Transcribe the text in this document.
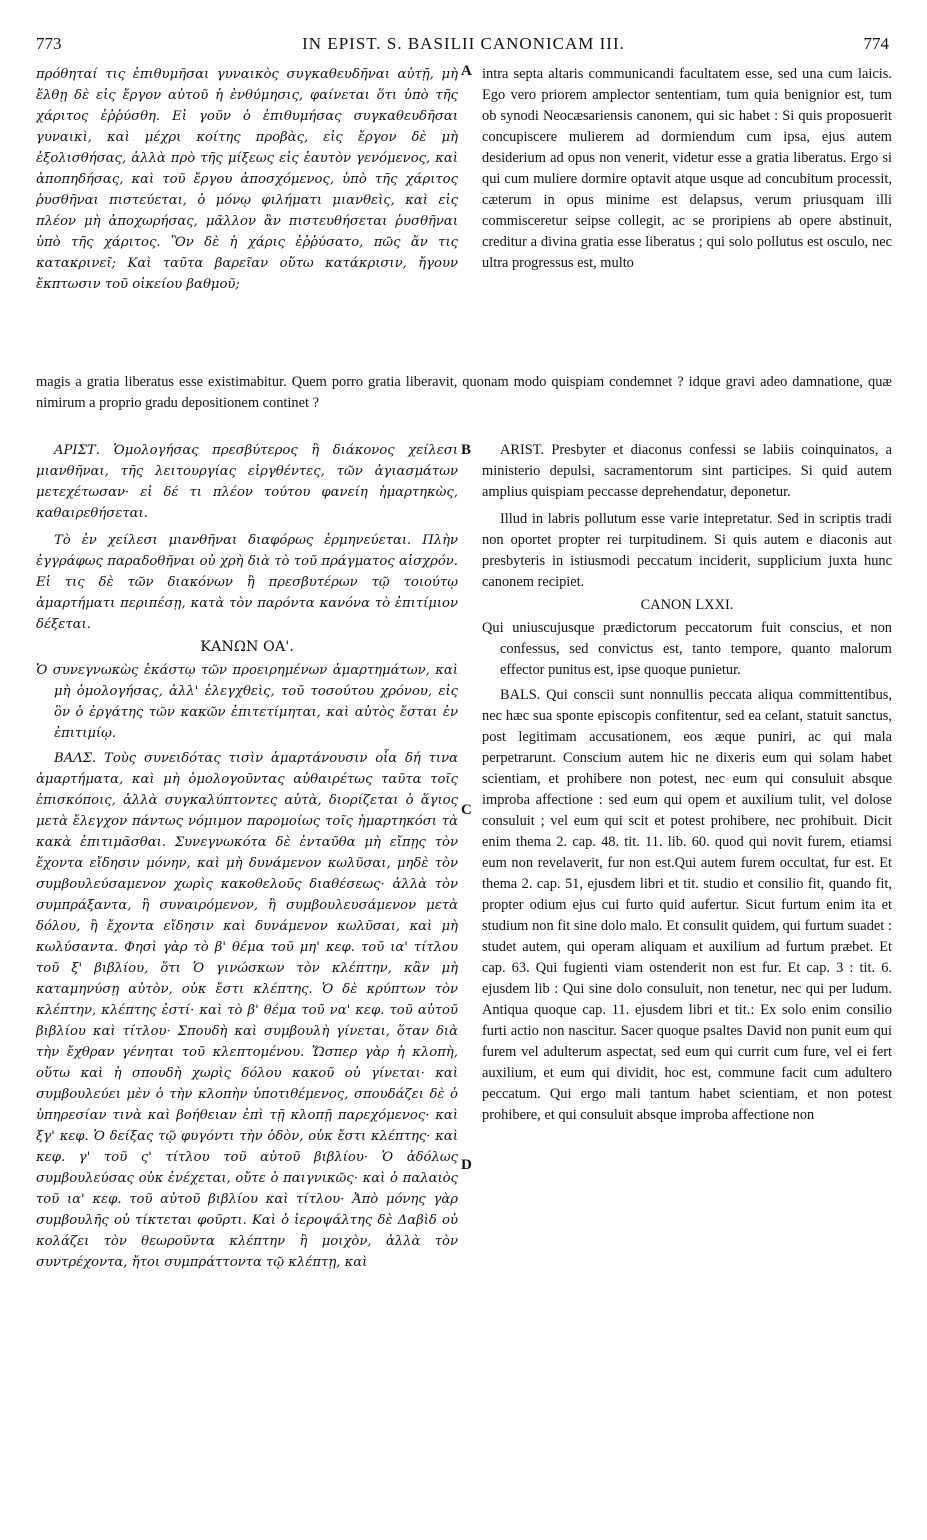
773	IN EPIST. S. BASILII CANONICAM III.	774

πρόθηταί τις ἐπιθυμῆσαι γυναικὸς συγκαθευδῆναι αὐτῇ, μὴ ἔλθῃ δὲ εἰς ἔργον αὐτοῦ ἡ ἐνθύμησις, φαίνεται ὅτι ὑπὸ τῆς χάριτος ἐῤῥύσθη. Εἰ γοῦν ὁ ἐπιθυμήσας συγκαθευδῆσαι γυναικὶ, καὶ μέχρι κοίτης προβὰς, εἰς ἔργον δὲ μὴ ἐξολισθήσας, ἀλλὰ πρὸ τῆς μίξεως εἰς ἑαυτὸν γενόμενος, καὶ ἀποπηδήσας, καὶ τοῦ ἔργου ἀποσχόμενος, ὑπὸ τῆς χάριτος ῥυσθῆναι πιστεύεται, ὁ μόνῳ φιλήματι μιανθεὶς, καὶ εἰς πλέον μὴ ἀποχωρήσας, μᾶλλον ἂν πιστευθήσεται ῥυσθῆναι ὑπὸ τῆς χάριτος. Ὃν δὲ ἡ χάρις ἐῤῥύσατο, πῶς ἄν τις κατακρινεῖ; Καὶ ταῦτα βαρεῖαν οὕτω κατάκρισιν, ἤγουν ἔκπτωσιν τοῦ οἰκείου βαθμοῦ;

A intra septa altaris communicandi facultatem esse, sed una cum laicis. Ego vero priorem amplector sententiam, tum quia benignior est, tum ob synodi Neocæsariensis canonem, qui sic habet : Si quis proposuerit concupiscere mulierem ad dormiendum cum ipsa, ejus autem desiderium ad opus non venerit, videtur esse a gratia liberatus. Ergo si qui cum muliere dormire optavit atque usque ad concubitum processit, cæterum in opus minime est delapsus, verum priusquam illi commisceretur seipse collegit, ac se proripiens ab opere abstinuit, creditur a divina gratia esse liberatus ; qui solo pollutus est osculo, nec ultra progressus est, multo

magis a gratia liberatus esse existimabitur. Quem porro gratia liberavit, quonam modo quispiam condemnet ? idque gravi adeo damnatione, quæ nimirum a proprio gradu depositionem continet ?

ΑΡΙΣΤ. Ὁμολογήσας πρεσβύτερος ἢ διάκονος χείλεσι μιανθῆναι, τῆς λειτουργίας εἰργθέντες, τῶν ἁγιασμάτων μετεχέτωσαν· εἰ δέ τι πλέον τούτου φανείη ἡμαρτηκὼς, καθαιρεθήσεται.

Τὸ ἐν χείλεσι μιανθῆναι διαφόρως ἑρμηνεύεται. Πλὴν ἐγγράφως παραδοθῆναι οὐ χρὴ διὰ τὸ τοῦ πράγματος αἰσχρόν. Εἰ τις δὲ τῶν διακόνων ἢ πρεσβυτέρων τῷ τοιούτῳ ἁμαρτήματι περιπέσῃ, κατὰ τὸν παρόντα κανόνα τὸ ἐπιτίμιον δέξεται.

ΚΑΝΩΝ ΟΑ'.

Ὁ συνεγνωκὼς ἑκάστῳ τῶν προειρημένων ἁμαρτημάτων, καὶ μὴ ὁμολογήσας, ἀλλ' ἐλεγχθεὶς, τοῦ τοσούτου χρόνου, εἰς ὃν ὁ ἐργάτης τῶν κακῶν ἐπιτετίμηται, καὶ αὐτὸς ἔσται ἐν ἐπιτιμίῳ.

ΒΑΛΣ. Τοὺς συνειδότας τισὶν ἁμαρτάνουσιν οἷα δή τινα ἁμαρτήματα, καὶ μὴ ὁμολογοῦντας αὐθαιρέτως ταῦτα τοῖς ἐπισκόποις, ἀλλὰ συγκαλύπτοντες αὐτὰ, διορίζεται ὁ ἅγιος μετὰ ἔλεγχον πάντως νόμιμον παρομοίως τοῖς ἡμαρτηκόσι τὰ κακὰ ἐπιτιμᾶσθαι. Συνεγνωκότα δὲ ἐνταῦθα μὴ εἴπῃς τὸν ἔχοντα εἴδησιν μόνην, καὶ μὴ δυνάμενον κωλῦσαι, μηδὲ τὸν συμβουλεύσαμενον χωρὶς κακοθελοῦς διαθέσεως· ἀλλὰ τὸν συμπράξαντα, ἢ συναιρόμενον, ἢ συμβουλευσάμενον μετὰ δόλου, ἢ ἔχοντα εἴδησιν καὶ δυνάμενον κωλῦσαι, καὶ μὴ κωλύσαντα. Φησὶ γὰρ τὸ β' θέμα τοῦ μη' κεφ. τοῦ ια' τίτλου τοῦ ξ' βιβλίου, ὅτι Ὁ γινώσκων τὸν κλέπτην, κἂν μὴ καταμηνύσῃ αὐτὸν, οὐκ ἔστι κλέπτης. Ὁ δὲ κρύπτων τὸν κλέπτην, κλέπτης ἐστί· καὶ τὸ β' θέμα τοῦ να' κεφ. τοῦ αὐτοῦ βιβλίου καὶ τίτλου· Σπουδὴ καὶ συμβουλὴ γίνεται, ὅταν διὰ τὴν ἔχθραν γένηται τοῦ κλεπτομένου. Ὥσπερ γὰρ ἡ κλοπὴ, οὕτω καὶ ἡ σπουδὴ χωρὶς δόλου κακοῦ οὐ γίνεται· καὶ συμβουλεύει μὲν ὁ τὴν κλοπὴν ὑποτιθέμενος, σπουδάζει δὲ ὁ ὑπηρεσίαν τινὰ καὶ βοήθειαν ἐπὶ τῇ κλοπῇ παρεχόμενος· καὶ ξγ' κεφ. Ὁ δείξας τῷ φυγόντι τὴν ὁδὸν, οὐκ ἔστι κλέπτης· καὶ κεφ. γ' τοῦ ς' τίτλου τοῦ αὐτοῦ βιβλίου· Ὁ ἀδόλως συμβουλεύσας οὐκ ἐνέχεται, οὔτε ὁ παιγνικῶς· καὶ ὁ παλαιὸς τοῦ ια' κεφ. τοῦ αὐτοῦ βιβλίου καὶ τίτλου· Ἀπὸ μόνης γὰρ συμβουλῆς οὐ τίκτεται φοῦρτι. Καὶ ὁ ἱεροψάλτης δὲ Δαβὶδ οὐ κολάζει τὸν θεωροῦντα κλέπτην ἢ μοιχὸν, ἀλλὰ τὸν συντρέχοντα, ἤτοι συμπράττοντα τῷ κλέπτῃ, καὶ

B
C
D

ARIST. Presbyter et diaconus confessi se labiis coinquinatos, a ministerio depulsi, sacramentorum sint participes. Si quid autem amplius quispiam peccasse deprehendatur, deponetur.

Illud in labris pollutum esse varie intepretatur. Sed in scriptis tradi non oportet propter rei turpitudinem. Si quis autem e diaconis aut presbyteris in istiusmodi peccatum inciderit, supplicium juxta hunc canonem recipiet.

CANON LXXI.

Qui uniuscujusque prædictorum peccatorum fuit conscius, et non confessus, sed convictus est, tanto tempore, quanto malorum effector punitus est, ipse quoque punietur.

BALS. Qui conscii sunt nonnullis peccata aliqua committentibus, nec hæc sua sponte episcopis confitentur, sed ea celant, statuit sanctus, post legitimam accusationem, eos æque puniri, ac qui mala perpetrarunt. Conscium autem hic ne dixeris eum qui solam habet scientiam, et prohibere non potest, nec eum qui consuluit absque improba affectione : sed eum qui opem et auxilium tulit, vel dolose consuluit ; vel eum qui scit et potest prohibere, nec prohibuit. Dicit enim thema 2. cap. 48. tit. 11. lib. 60. quod qui novit furem, etiamsi eum non revelaverit, fur non est.Qui autem furem occultat, fur est. Et thema 2. cap. 51, ejusdem libri et tit. studio et consilio fit, quando fit, propter odium ejus cui furto quid aufertur. Sicut furtum enim ita et studium non fit sine dolo malo. Et consulit quidem, qui furtum suadet : studet autem, qui operam aliquam et auxilium ad furtum præbet. Et cap. 63. Qui fugienti viam ostenderit non est fur. Et cap. 3 : tit. 6. ejusdem lib : Qui sine dolo consuluit, non tenetur, nec qui per ludum. Antiqua quoque cap. 11. ejusdem libri et tit.: Ex solo enim consilio furti actio non nascitur. Sacer quoque psaltes David non punit eum qui furem vel adulterum aspectat, sed eum qui currit cum fure, vel ei fert auxilium, et eum qui dividit, hoc est, commune facit cum adultero peccatum. Qui ergo mali tantum habet scientiam, et non potest prohibere, et qui consuluit absque improba affectione non
